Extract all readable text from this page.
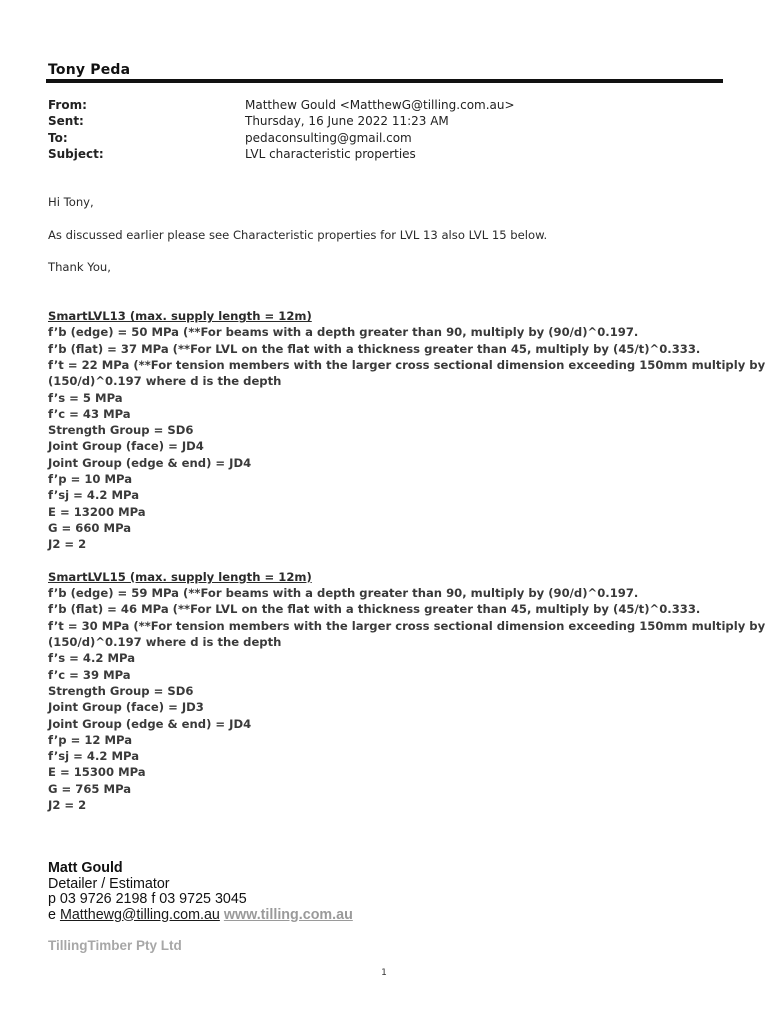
Tony Peda
From:	Matthew Gould <MatthewG@tilling.com.au>
Sent:	Thursday, 16 June 2022 11:23 AM
To:	pedaconsulting@gmail.com
Subject:	LVL characteristic properties

Hi Tony,

As discussed earlier please see Characteristic properties for LVL 13 also LVL 15 below.

Thank You,

SmartLVL13 (max. supply length = 12m)
f’b (edge) = 50 MPa (**For beams with a depth greater than 90, multiply by (90/d)^0.197.
f’b (flat) = 37 MPa (**For LVL on the flat with a thickness greater than 45, multiply by (45/t)^0.333.
f’t = 22 MPa (**For tension members with the larger cross sectional dimension exceeding 150mm multiply by
(150/d)^0.197 where d is the depth
f’s = 5 MPa
f’c = 43 MPa
Strength Group = SD6
Joint Group (face) = JD4
Joint Group (edge & end) = JD4
f’p = 10 MPa
f’sj = 4.2 MPa
E = 13200 MPa
G = 660 MPa
J2 = 2
SmartLVL15 (max. supply length = 12m)
f’b (edge) = 59 MPa (**For beams with a depth greater than 90, multiply by (90/d)^0.197.
f’b (flat) = 46 MPa (**For LVL on the flat with a thickness greater than 45, multiply by (45/t)^0.333.
f’t = 30 MPa (**For tension members with the larger cross sectional dimension exceeding 150mm multiply by
(150/d)^0.197 where d is the depth
f’s = 4.2 MPa
f’c = 39 MPa
Strength Group = SD6
Joint Group (face) = JD3
Joint Group (edge & end) = JD4
f’p = 12 MPa
f’sj = 4.2 MPa
E = 15300 MPa
G = 765 MPa
J2 = 2
Matt Gould
Detailer / Estimator
p 03 9726 2198 f 03 9725 3045
e Matthewg@tilling.com.au www.tilling.com.au
TillingTimber Pty Ltd
1
